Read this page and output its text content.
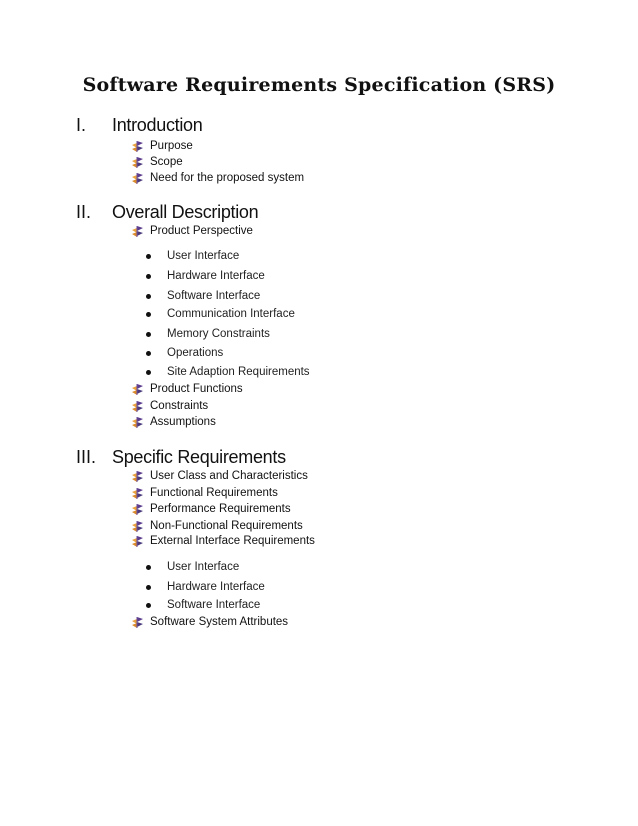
Software Requirements Specification (SRS)
I. Introduction
Purpose
Scope
Need for the proposed system
II. Overall Description
Product Perspective
User Interface
Hardware Interface
Software Interface
Communication Interface
Memory Constraints
Operations
Site Adaption Requirements
Product Functions
Constraints
Assumptions
III. Specific Requirements
User Class and Characteristics
Functional Requirements
Performance Requirements
Non-Functional Requirements
External Interface Requirements
User Interface
Hardware Interface
Software Interface
Software System Attributes
